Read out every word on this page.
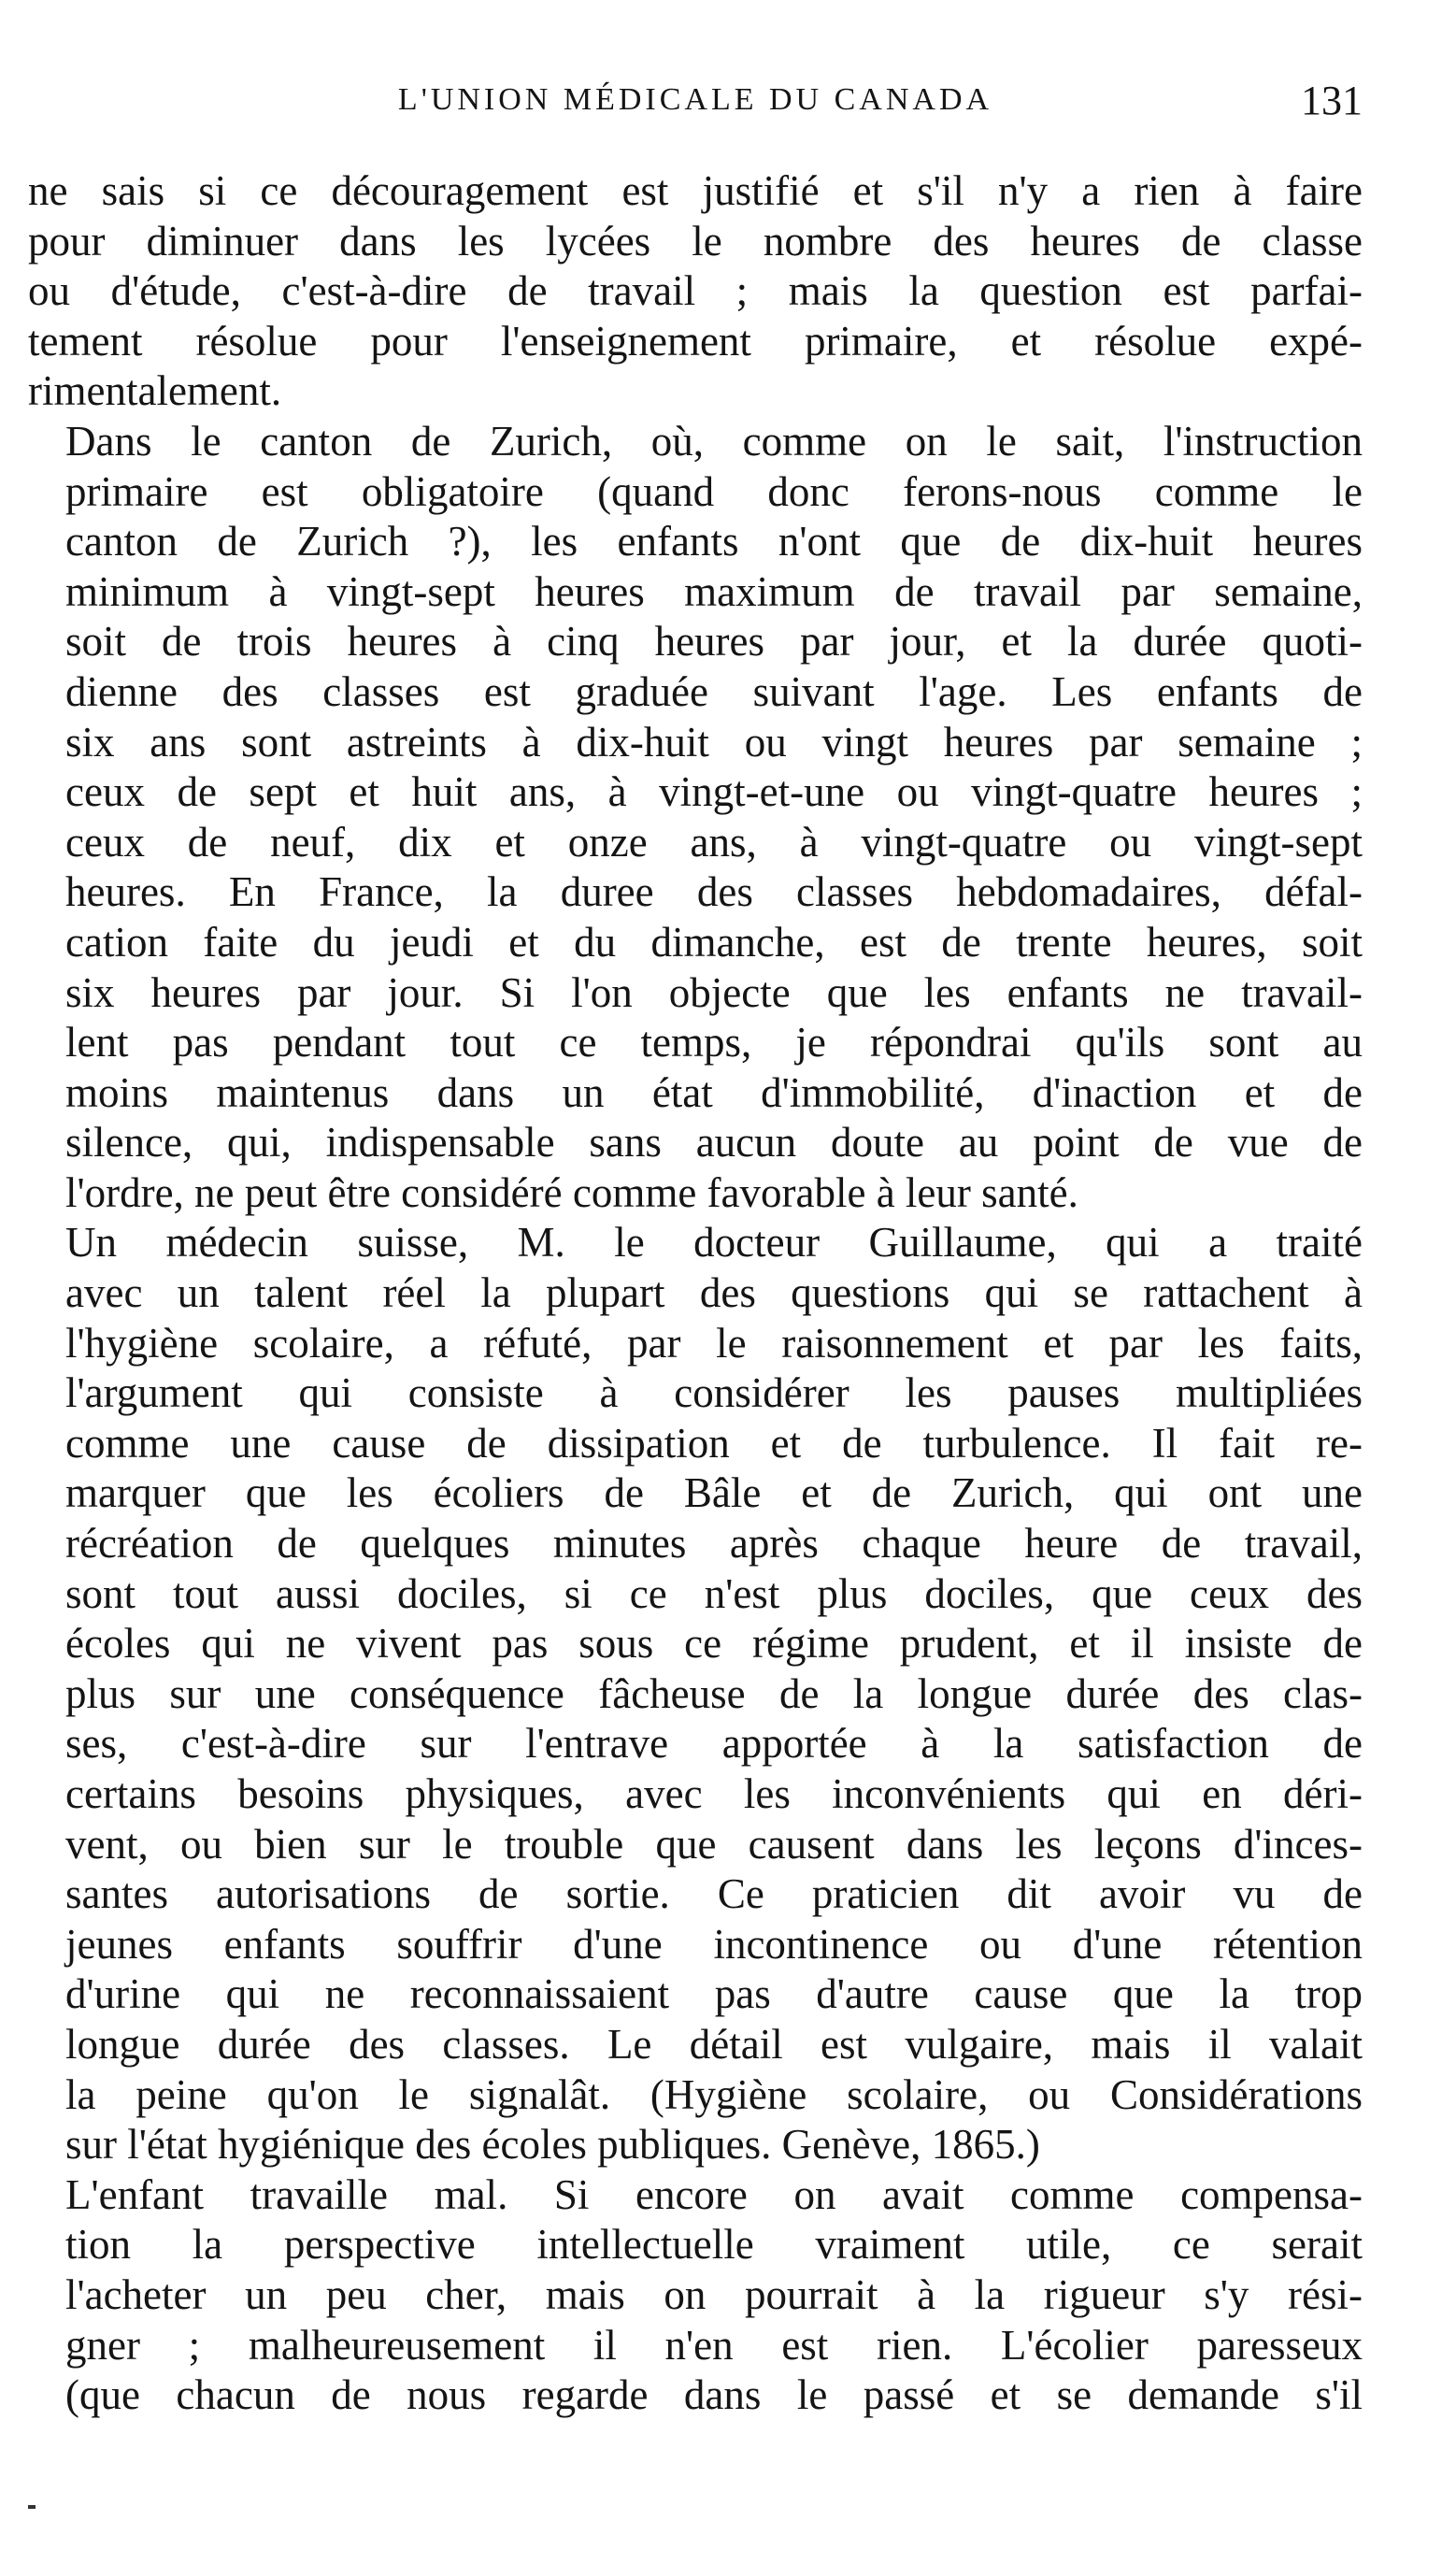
L'UNION MÉDICALE DU CANADA	131

ne sais si ce découragement est justifié et s'il n'y a rien à faire
pour diminuer dans les lycées le nombre des heures de classe
ou d'étude, c'est-à-dire de travail ; mais la question est parfai-
tement résolue pour l'enseignement primaire, et résolue expé-
rimentalement.

Dans le canton de Zurich, où, comme on le sait, l'instruction
primaire est obligatoire (quand donc ferons-nous comme le
canton de Zurich ?), les enfants n'ont que de dix-huit heures
minimum à vingt-sept heures maximum de travail par semaine,
soit de trois heures à cinq heures par jour, et la durée quoti-
dienne des classes est graduée suivant l'age. Les enfants de
six ans sont astreints à dix-huit ou vingt heures par semaine ;
ceux de sept et huit ans, à vingt-et-une ou vingt-quatre heures ;
ceux de neuf, dix et onze ans, à vingt-quatre ou vingt-sept
heures. En France, la duree des classes hebdomadaires, défal-
cation faite du jeudi et du dimanche, est de trente heures, soit
six heures par jour. Si l'on objecte que les enfants ne travail-
lent pas pendant tout ce temps, je répondrai qu'ils sont au
moins maintenus dans un état d'immobilité, d'inaction et de
silence, qui, indispensable sans aucun doute au point de vue de
l'ordre, ne peut être considéré comme favorable à leur santé.

Un médecin suisse, M. le docteur Guillaume, qui a traité
avec un talent réel la plupart des questions qui se rattachent à
l'hygiène scolaire, a réfuté, par le raisonnement et par les faits,
l'argument qui consiste à considérer les pauses multipliées
comme une cause de dissipation et de turbulence. Il fait re-
marquer que les écoliers de Bâle et de Zurich, qui ont une
récréation de quelques minutes après chaque heure de travail,
sont tout aussi dociles, si ce n'est plus dociles, que ceux des
écoles qui ne vivent pas sous ce régime prudent, et il insiste de
plus sur une conséquence fâcheuse de la longue durée des clas-
ses, c'est-à-dire sur l'entrave apportée à la satisfaction de
certains besoins physiques, avec les inconvénients qui en déri-
vent, ou bien sur le trouble que causent dans les leçons d'inces-
santes autorisations de sortie. Ce praticien dit avoir vu de
jeunes enfants souffrir d'une incontinence ou d'une rétention
d'urine qui ne reconnaissaient pas d'autre cause que la trop
longue durée des classes. Le détail est vulgaire, mais il valait
la peine qu'on le signalât. (Hygiène scolaire, ou Considérations
sur l'état hygiénique des écoles publiques. Genève, 1865.)

L'enfant travaille mal. Si encore on avait comme compensa-
tion la perspective intellectuelle vraiment utile, ce serait
l'acheter un peu cher, mais on pourrait à la rigueur s'y rési-
gner ; malheureusement il n'en est rien. L'écolier paresseux
(que chacun de nous regarde dans le passé et se demande s'il
